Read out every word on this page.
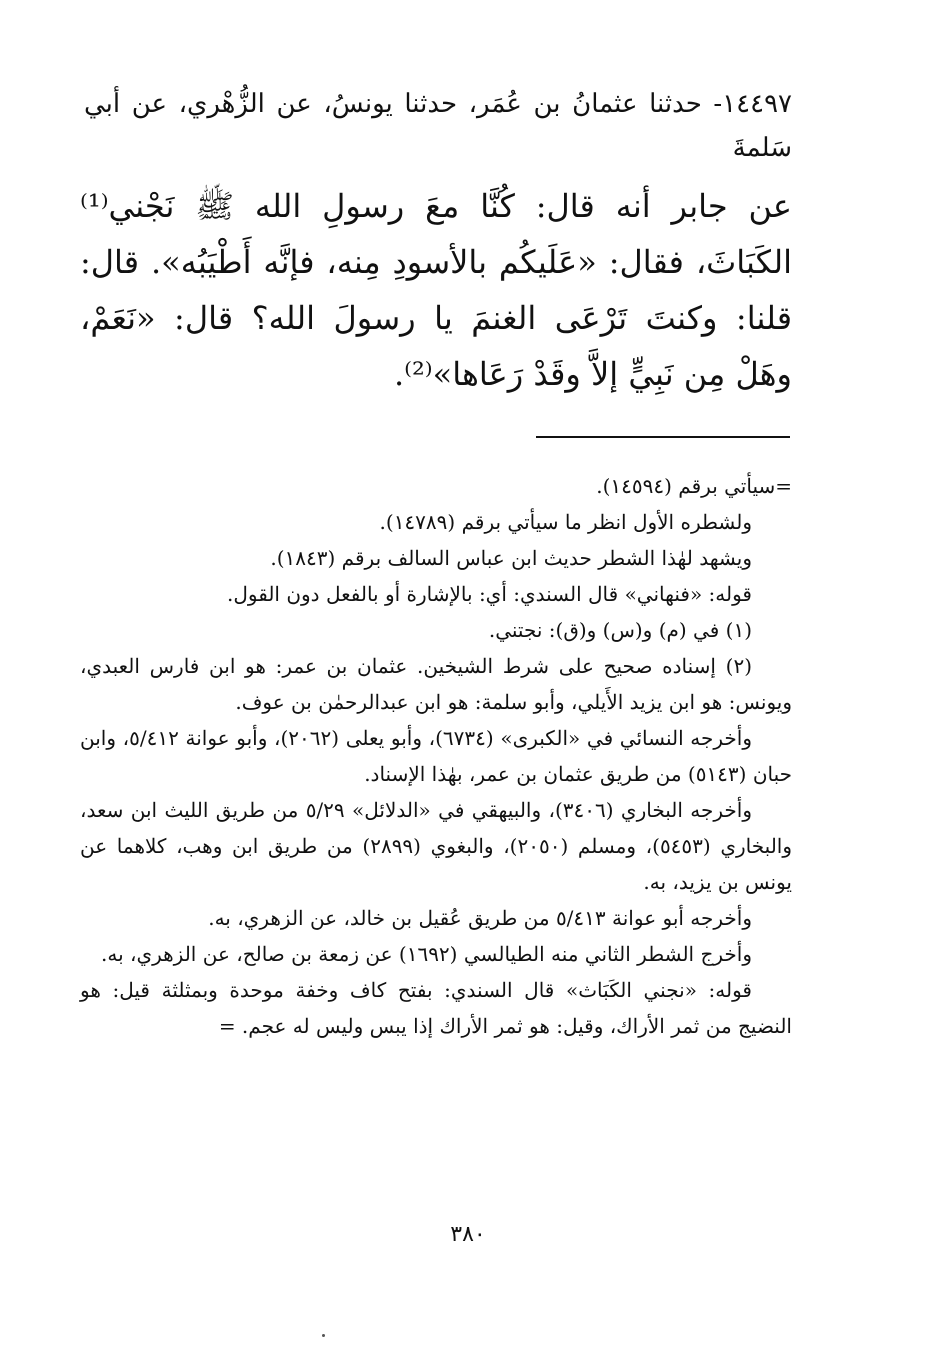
١٤٤٩٧- حدثنا عثمانُ بن عُمَر، حدثنا يونسُ، عن الزُّهْري، عن أبي سَلمةَ
عن جابر أنه قال: كُنَّا معَ رسولِ الله ﷺ نَجْني⁽¹⁾ الكَبَاثَ، فقال: «عَلَيكُم بالأسودِ مِنه، فإنَّه أَطْيَبُه». قال: قلنا: وكنتَ تَرْعَى الغنمَ يا رسولَ الله؟ قال: «نَعَمْ، وهَلْ مِن نَبِيٍّ إلاَّ وقَدْ رَعَاها»⁽²⁾.

=سيأتي برقم (١٤٥٩٤).

ولشطره الأول انظر ما سيأتي برقم (١٤٧٨٩).

ويشهد لهٰذا الشطر حديث ابن عباس السالف برقم (١٨٤٣).

قوله: «فنهاني» قال السندي: أي: بالإشارة أو بالفعل دون القول.

(١) في (م) و(س) و(ق): نجتني.

(٢) إسناده صحيح على شرط الشيخين. عثمان بن عمر: هو ابن فارس العبدي، ويونس: هو ابن يزيد الأَيلي، وأبو سلمة: هو ابن عبدالرحمٰن بن عوف.

وأخرجه النسائي في «الكبرى» (٦٧٣٤)، وأبو يعلى (٢٠٦٢)، وأبو عوانة ٥/٤١٢، وابن حبان (٥١٤٣) من طريق عثمان بن عمر، بهٰذا الإسناد.

وأخرجه البخاري (٣٤٠٦)، والبيهقي في «الدلائل» ٥/٢٩ من طريق الليث ابن سعد، والبخاري (٥٤٥٣)، ومسلم (٢٠٥٠)، والبغوي (٢٨٩٩) من طريق ابن وهب، كلاهما عن يونس بن يزيد، به.

وأخرجه أبو عوانة ٥/٤١٣ من طريق عُقيل بن خالد، عن الزهري، به.

وأخرج الشطر الثاني منه الطيالسي (١٦٩٢) عن زمعة بن صالح، عن الزهري، به.

قوله: «نجني الكَبَاث» قال السندي: بفتح كاف وخفة موحدة وبمثلثة قيل: هو النضيج من ثمر الأراك، وقيل: هو ثمر الأراك إذا يبس وليس له عجم. =

٣٨٠
